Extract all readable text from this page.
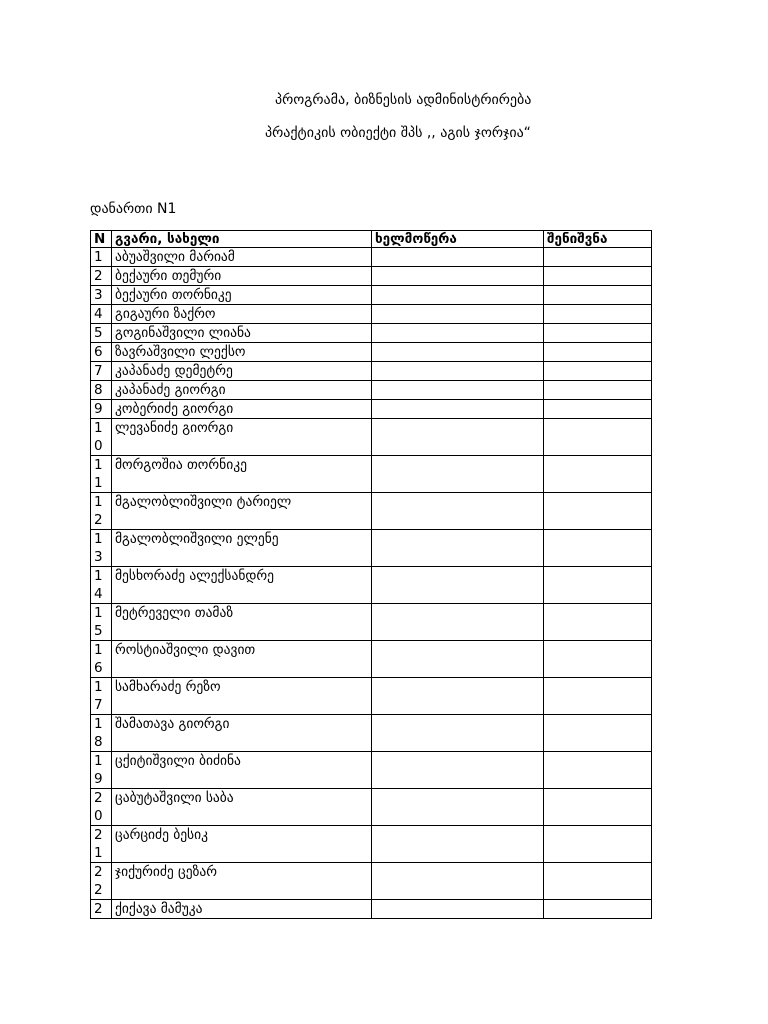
პროგრამა, ბიზნესის ადმინისტრირება
პრაქტიკის ობიექტი შპს ,, აგის ჯორჯია“
დანართი N1
N	გვარი, სახელი	ხელმოწერა	შენიშვნა
1	აბუაშვილი მარიამ		
2	ბექაური თემური		
3	ბექაური თორნიკე		
4	გიგაური ზაქრო		
5	გოგინაშვილი ლიანა		
6	ზავრაშვილი ლექსო		
7	კაპანაძე დემეტრე		
8	კაპანაძე გიორგი		
9	კობერიძე გიორგი		
10	ლევანიძე გიორგი		
11	მორგოშია თორნიკე		
12	მგალობლიშვილი ტარიელ		
13	მგალობლიშვილი ელენე		
14	მესხორაძე ალექსანდრე		
15	მეტრეველი თამაზ		
16	როსტიაშვილი დავით		
17	სამხარაძე რეზო		
18	შამათავა გიორგი		
19	ცქიტიშვილი ბიძინა		
20	ცაბუტაშვილი საბა		
21	ცარციძე ბესიკ		
22	ჯიქურიძე ცეზარ		
2	ქიქავა მამუკა		
